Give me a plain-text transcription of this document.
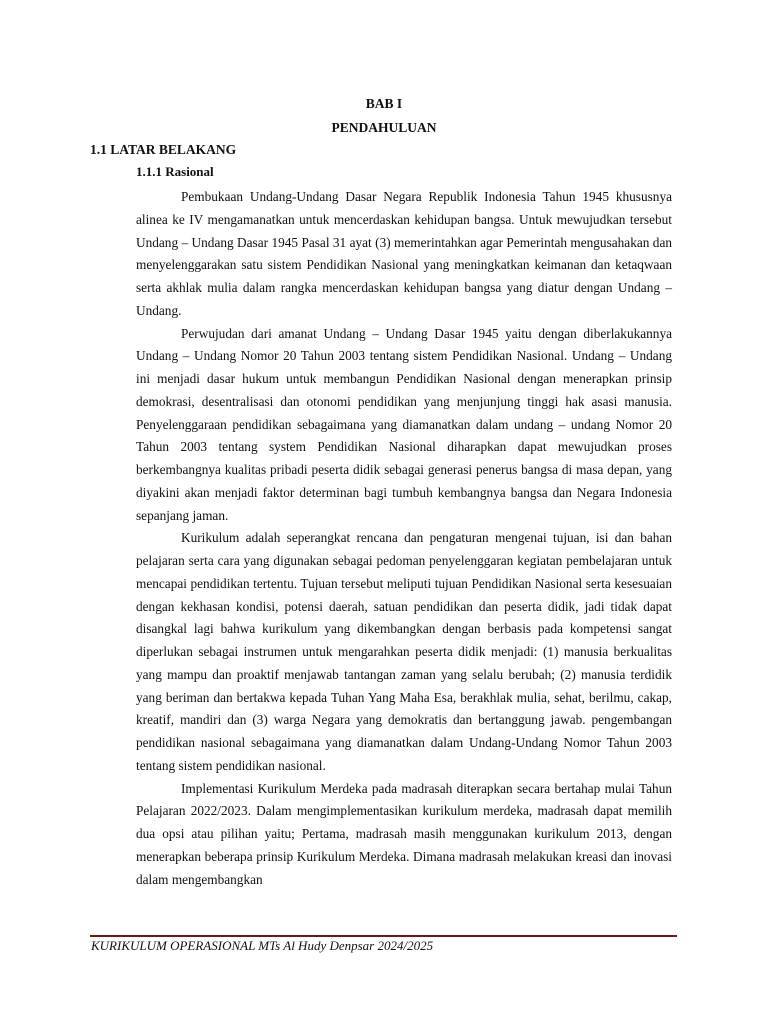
BAB I
PENDAHULUAN
1.1 LATAR BELAKANG
1.1.1 Rasional

Pembukaan Undang-Undang Dasar Negara Republik Indonesia Tahun 1945 khususnya alinea ke IV mengamanatkan untuk mencerdaskan kehidupan bangsa. Untuk mewujudkan tersebut Undang – Undang Dasar 1945 Pasal 31 ayat (3) memerintahkan agar Pemerintah mengusahakan dan menyelenggarakan satu sistem Pendidikan Nasional yang meningkatkan keimanan dan ketaqwaan serta akhlak mulia dalam rangka mencerdaskan kehidupan bangsa yang diatur dengan Undang – Undang.

Perwujudan dari amanat Undang – Undang Dasar 1945 yaitu dengan diberlakukannya Undang – Undang Nomor 20 Tahun 2003 tentang sistem Pendidikan Nasional. Undang – Undang ini menjadi dasar hukum untuk membangun Pendidikan Nasional dengan menerapkan prinsip demokrasi, desentralisasi dan otonomi pendidikan yang menjunjung tinggi hak asasi manusia. Penyelenggaraan pendidikan sebagaimana yang diamanatkan dalam undang – undang Nomor 20 Tahun 2003 tentang system Pendidikan Nasional diharapkan dapat mewujudkan proses berkembangnya kualitas pribadi peserta didik sebagai generasi penerus bangsa di masa depan, yang diyakini akan menjadi faktor determinan bagi tumbuh kembangnya bangsa dan Negara Indonesia sepanjang jaman.

Kurikulum adalah seperangkat rencana dan pengaturan mengenai tujuan, isi dan bahan pelajaran serta cara yang digunakan sebagai pedoman penyelenggaran kegiatan pembelajaran untuk mencapai pendidikan tertentu. Tujuan tersebut meliputi tujuan Pendidikan Nasional serta kesesuaian dengan kekhasan kondisi, potensi daerah, satuan pendidikan dan peserta didik, jadi tidak dapat disangkal lagi bahwa kurikulum yang dikembangkan dengan berbasis pada kompetensi sangat diperlukan sebagai instrumen untuk mengarahkan peserta didik menjadi: (1) manusia berkualitas yang mampu dan proaktif menjawab tantangan zaman yang selalu berubah; (2) manusia terdidik yang beriman dan bertakwa kepada Tuhan Yang Maha Esa, berakhlak mulia, sehat, berilmu, cakap, kreatif, mandiri dan (3) warga Negara yang demokratis dan bertanggung jawab. pengembangan pendidikan nasional sebagaimana yang diamanatkan dalam Undang-Undang Nomor Tahun 2003 tentang sistem pendidikan nasional.

Implementasi Kurikulum Merdeka pada madrasah diterapkan secara bertahap mulai Tahun Pelajaran 2022/2023. Dalam mengimplementasikan kurikulum merdeka, madrasah dapat memilih dua opsi atau pilihan yaitu; Pertama, madrasah masih menggunakan kurikulum 2013, dengan menerapkan beberapa prinsip Kurikulum Merdeka. Dimana madrasah melakukan kreasi dan inovasi dalam mengembangkan

KURIKULUM OPERASIONAL MTs Al Hudy Denpsar 2024/2025
